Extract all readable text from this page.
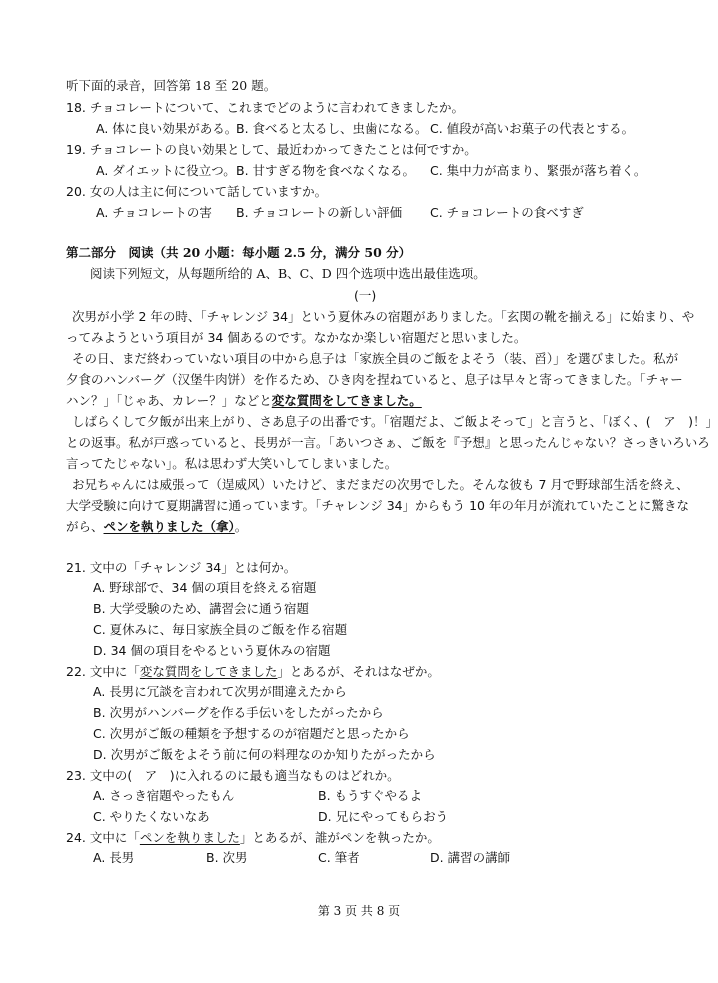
听下面的录音，回答第 18 至 20 题。
18. チョコレートについて、これまでどのように言われてきましたか。
A. 体に良い効果がある。
B. 食べると太るし、虫歯になる。 C. 値段が高いお菓子の代表とする。
19. チョコレートの良い効果として、最近わかってきたことは何ですか。
A. ダイエットに役立つ。 B. 甘すぎる物を食べなくなる。 C. 集中力が高まり、緊張が落ち着く。
20. 女の人は主に何について話していますか。
A. チョコレートの害 B. チョコレートの新しい評価 C. チョコレートの食べすぎ
第二部分　阅读（共 20 小题：每小题 2.5 分，满分 50 分）
阅读下列短文，从每题所给的 A、B、C、D 四个选项中选出最佳选项。
(一)
次男が小学 2 年の時、「チャレンジ 34」という夏休みの宿題がありました。「玄関の靴を揃える」に始まり、や
ってみようという項目が 34 個あるのです。なかなか楽しい宿題だと思いました。
その日、まだ終わっていない項目の中から息子は「家族全員のご飯をよそう（装、舀）」を選びました。私が
夕食のハンバーグ（汉堡牛肉饼）を作るため、ひき肉を捏ねていると、息子は早々と寄ってきました。「チャー
ハン？」「じゃあ、カレー？」などと変な質問をしてきました。
しばらくして夕飯が出来上がり、さあ息子の出番です。「宿題だよ、ご飯よそって」と言うと、「ぼく、(　ア　)！」
との返事。私が戸惑っていると、長男が一言。「あいつさぁ、ご飯を『予想』と思ったんじゃない？さっきいろいろ
言ってたじゃない」。私は思わず大笑いしてしまいました。
お兄ちゃんには威張って（逞威风）いたけど、まだまだの次男でした。そんな彼も 7 月で野球部生活を終え、
大学受験に向けて夏期講習に通っています。「チャレンジ 34」からもう 10 年の年月が流れていたことに驚きな
がら、ペンを執りました（拿）。
21. 文中の「チャレンジ 34」とは何か。
A. 野球部で、34 個の項目を終える宿題
B. 大学受験のため、講習会に通う宿題
C. 夏休みに、毎日家族全員のご飯を作る宿題
D. 34 個の項目をやるという夏休みの宿題
22. 文中に「変な質問をしてきました」とあるが、それはなぜか。
A. 長男に冗談を言われて次男が間違えたから
B. 次男がハンバーグを作る手伝いをしたがったから
C. 次男がご飯の種類を予想するのが宿題だと思ったから
D. 次男がご飯をよそう前に何の料理なのか知りたがったから
23. 文中の(　ア　)に入れるのに最も適当なものはどれか。
A. さっき宿題やったもん	B. もうすぐやるよ
C. やりたくないなあ	D. 兄にやってもらおう
24. 文中に「ペンを執りました」とあるが、誰がペンを執ったか。
A. 長男	B. 次男	C. 筆者	D. 講習の講師
第 3 页 共 8 页
